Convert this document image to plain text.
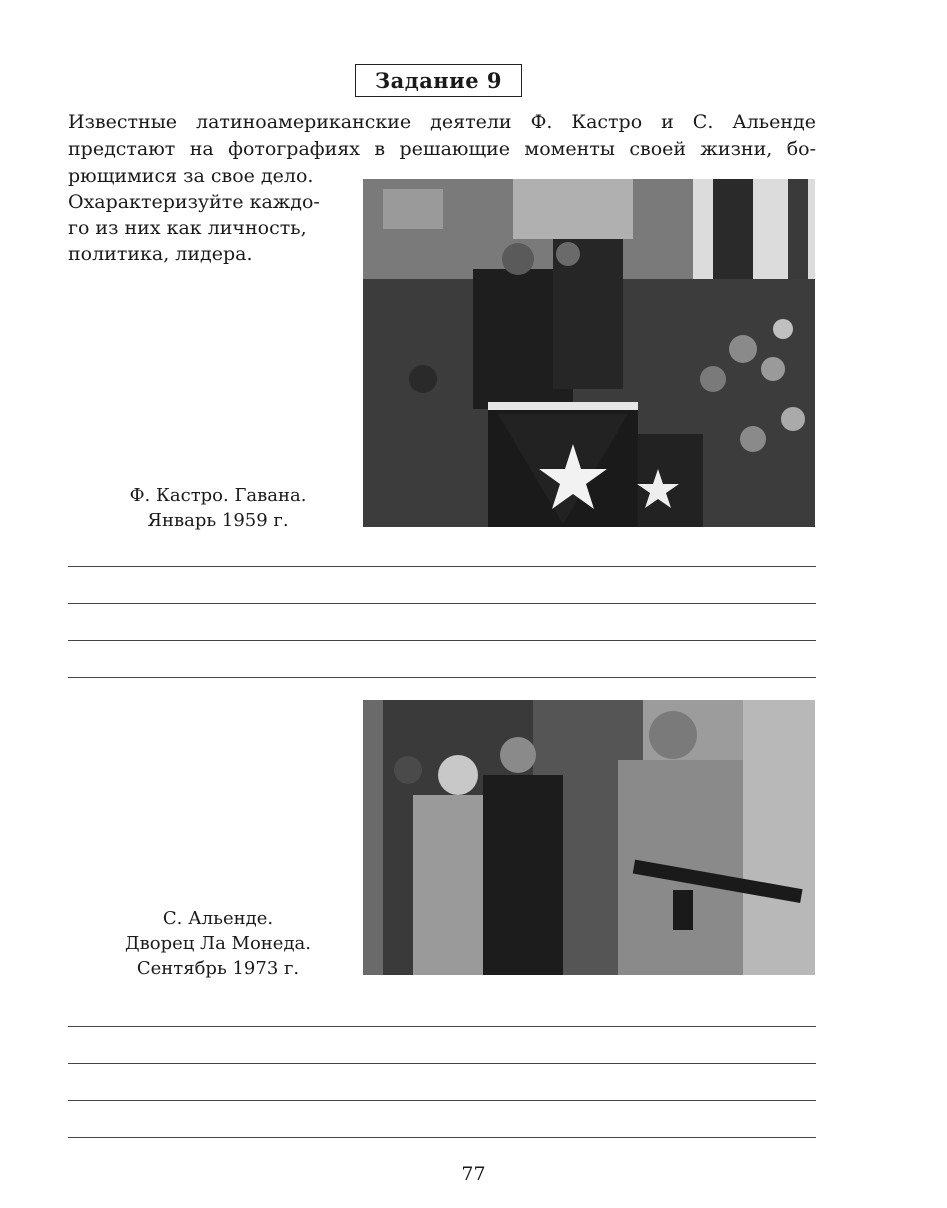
Задание 9
Известные латиноамериканские деятели Ф. Кастро и С. Альенде
предстают на фотографиях в решающие моменты своей жизни, бо-
рющимися за свое дело.
Охарактеризуйте каждо-
го из них как личность,
политика, лидера.
Ф. Кастро. Гавана.
Январь 1959 г.
С. Альенде.
Дворец Ла Монеда.
Сентябрь 1973 г.
77
